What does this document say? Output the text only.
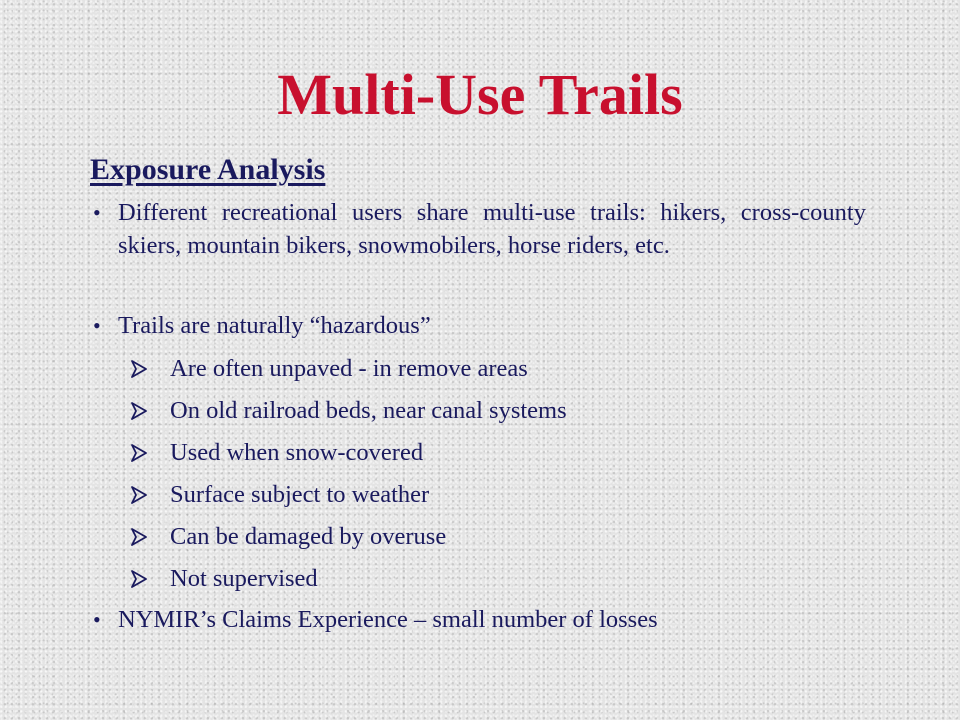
Multi-Use Trails
Exposure Analysis

• Different recreational users share multi-use trails: hikers, cross-county skiers, mountain bikers, snowmobilers, horse riders, etc.

• Trails are naturally “hazardous”

Are often unpaved - in remove areas

On old railroad beds, near canal systems

Used when snow-covered

Surface subject to weather

Can be damaged by overuse

Not supervised

• NYMIR’s Claims Experience – small number of losses
